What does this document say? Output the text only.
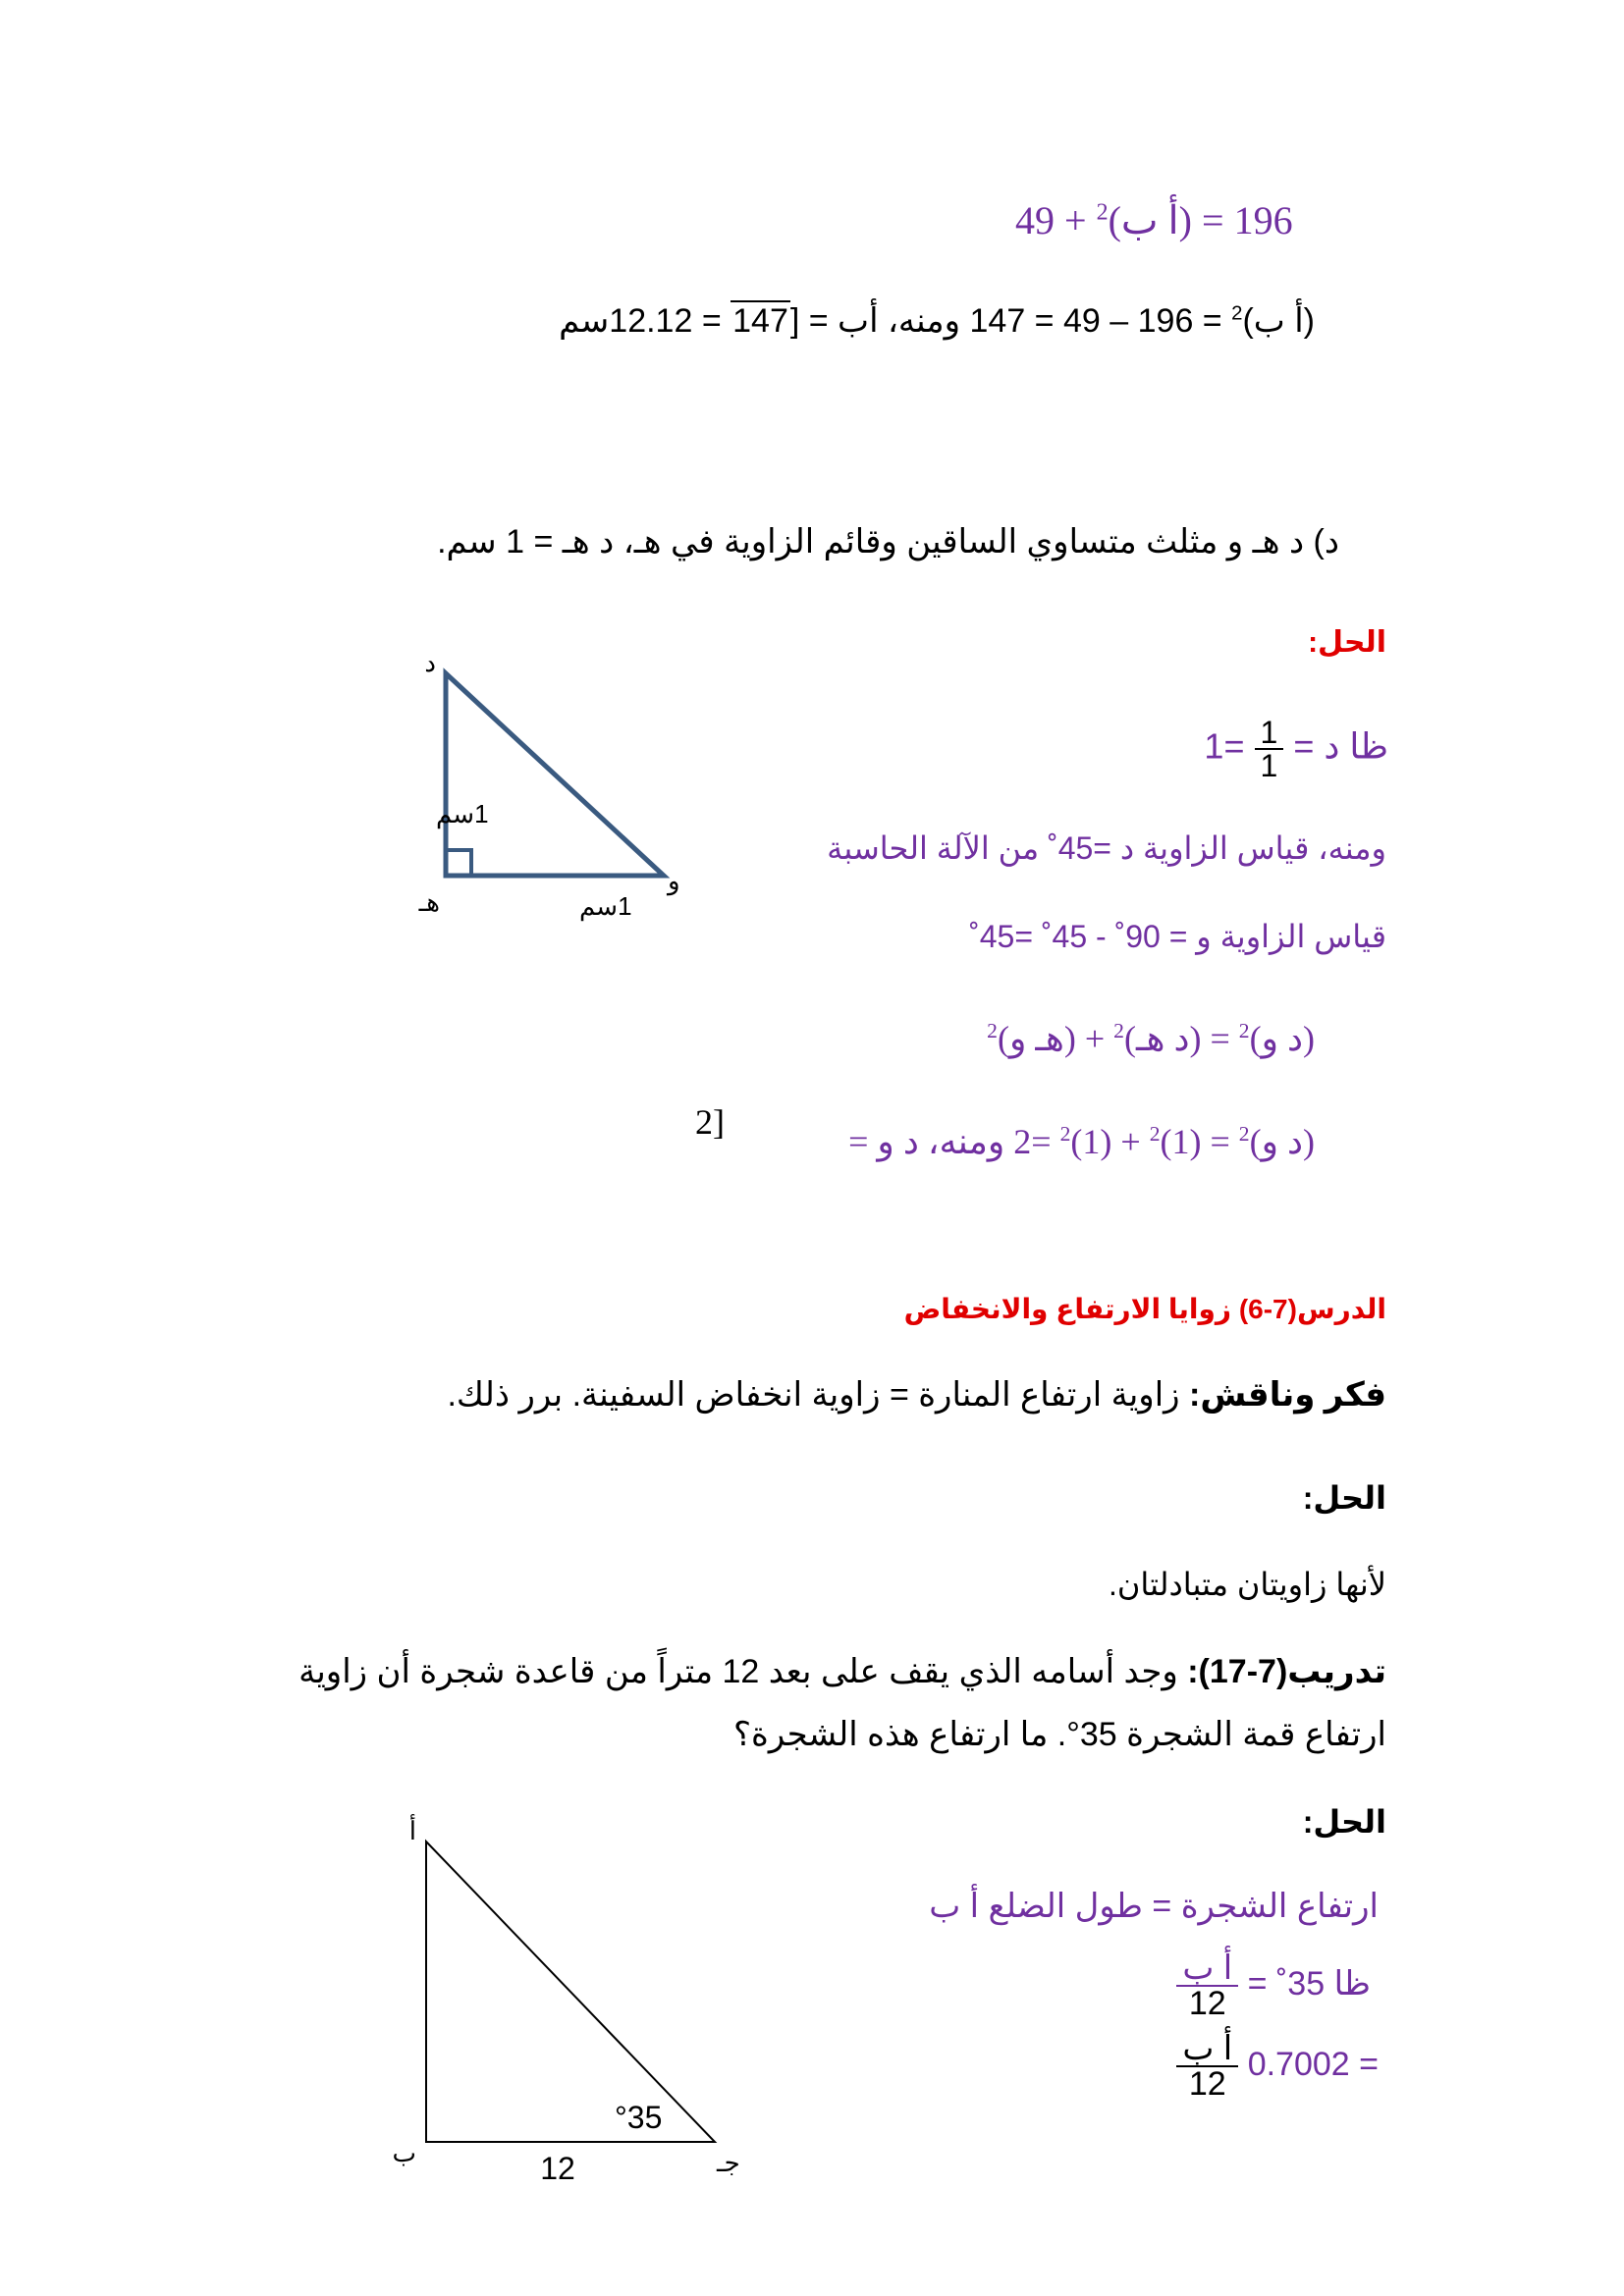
49 + $^2$(أ ب) = 196
(أ ب)$^2$ = 196 – 49 = 147 ومنه، أب = [147 = 12.12سم
د) د هـ و مثلث متساوي الساقين وقائم الزاوية في هـ، د هـ = 1 سم.
الحل:
ظا د =
$\frac{1}{1}$
=1
ومنه، قياس الزاوية د =45˚ من الآلة الحاسبة
قياس الزاوية و = 90˚ - 45˚ =45˚
(د و)$^2$ = (د هـ)$^2$ + (هـ و)$^2$
(د و)$^2$ = $(1)^2 + (1)^2 =2$ ومنه، د و =
2]
د
1سم
هـ	1سم
و
الدرس(7-6) زوايا الارتفاع والانخفاض
فكر وناقش: زاوية ارتفاع المنارة = زاوية انخفاض السفينة. برر ذلك.
الحل:
لأنها زاويتان متبادلتان.
تدريب(7-17): وجد أسامه الذي يقف على بعد 12 متراً من قاعدة شجرة أن زاوية
ارتفاع قمة الشجرة 35°. ما ارتفاع هذه الشجرة؟
الحل:
ارتفاع الشجرة = طول الضلع أ ب
ظا 35˚ =
$\frac{\text{أ ب}}{12}$
= 0.7002
$\frac{\text{أ ب}}{12}$
أ
ب	جـ
°35
12
